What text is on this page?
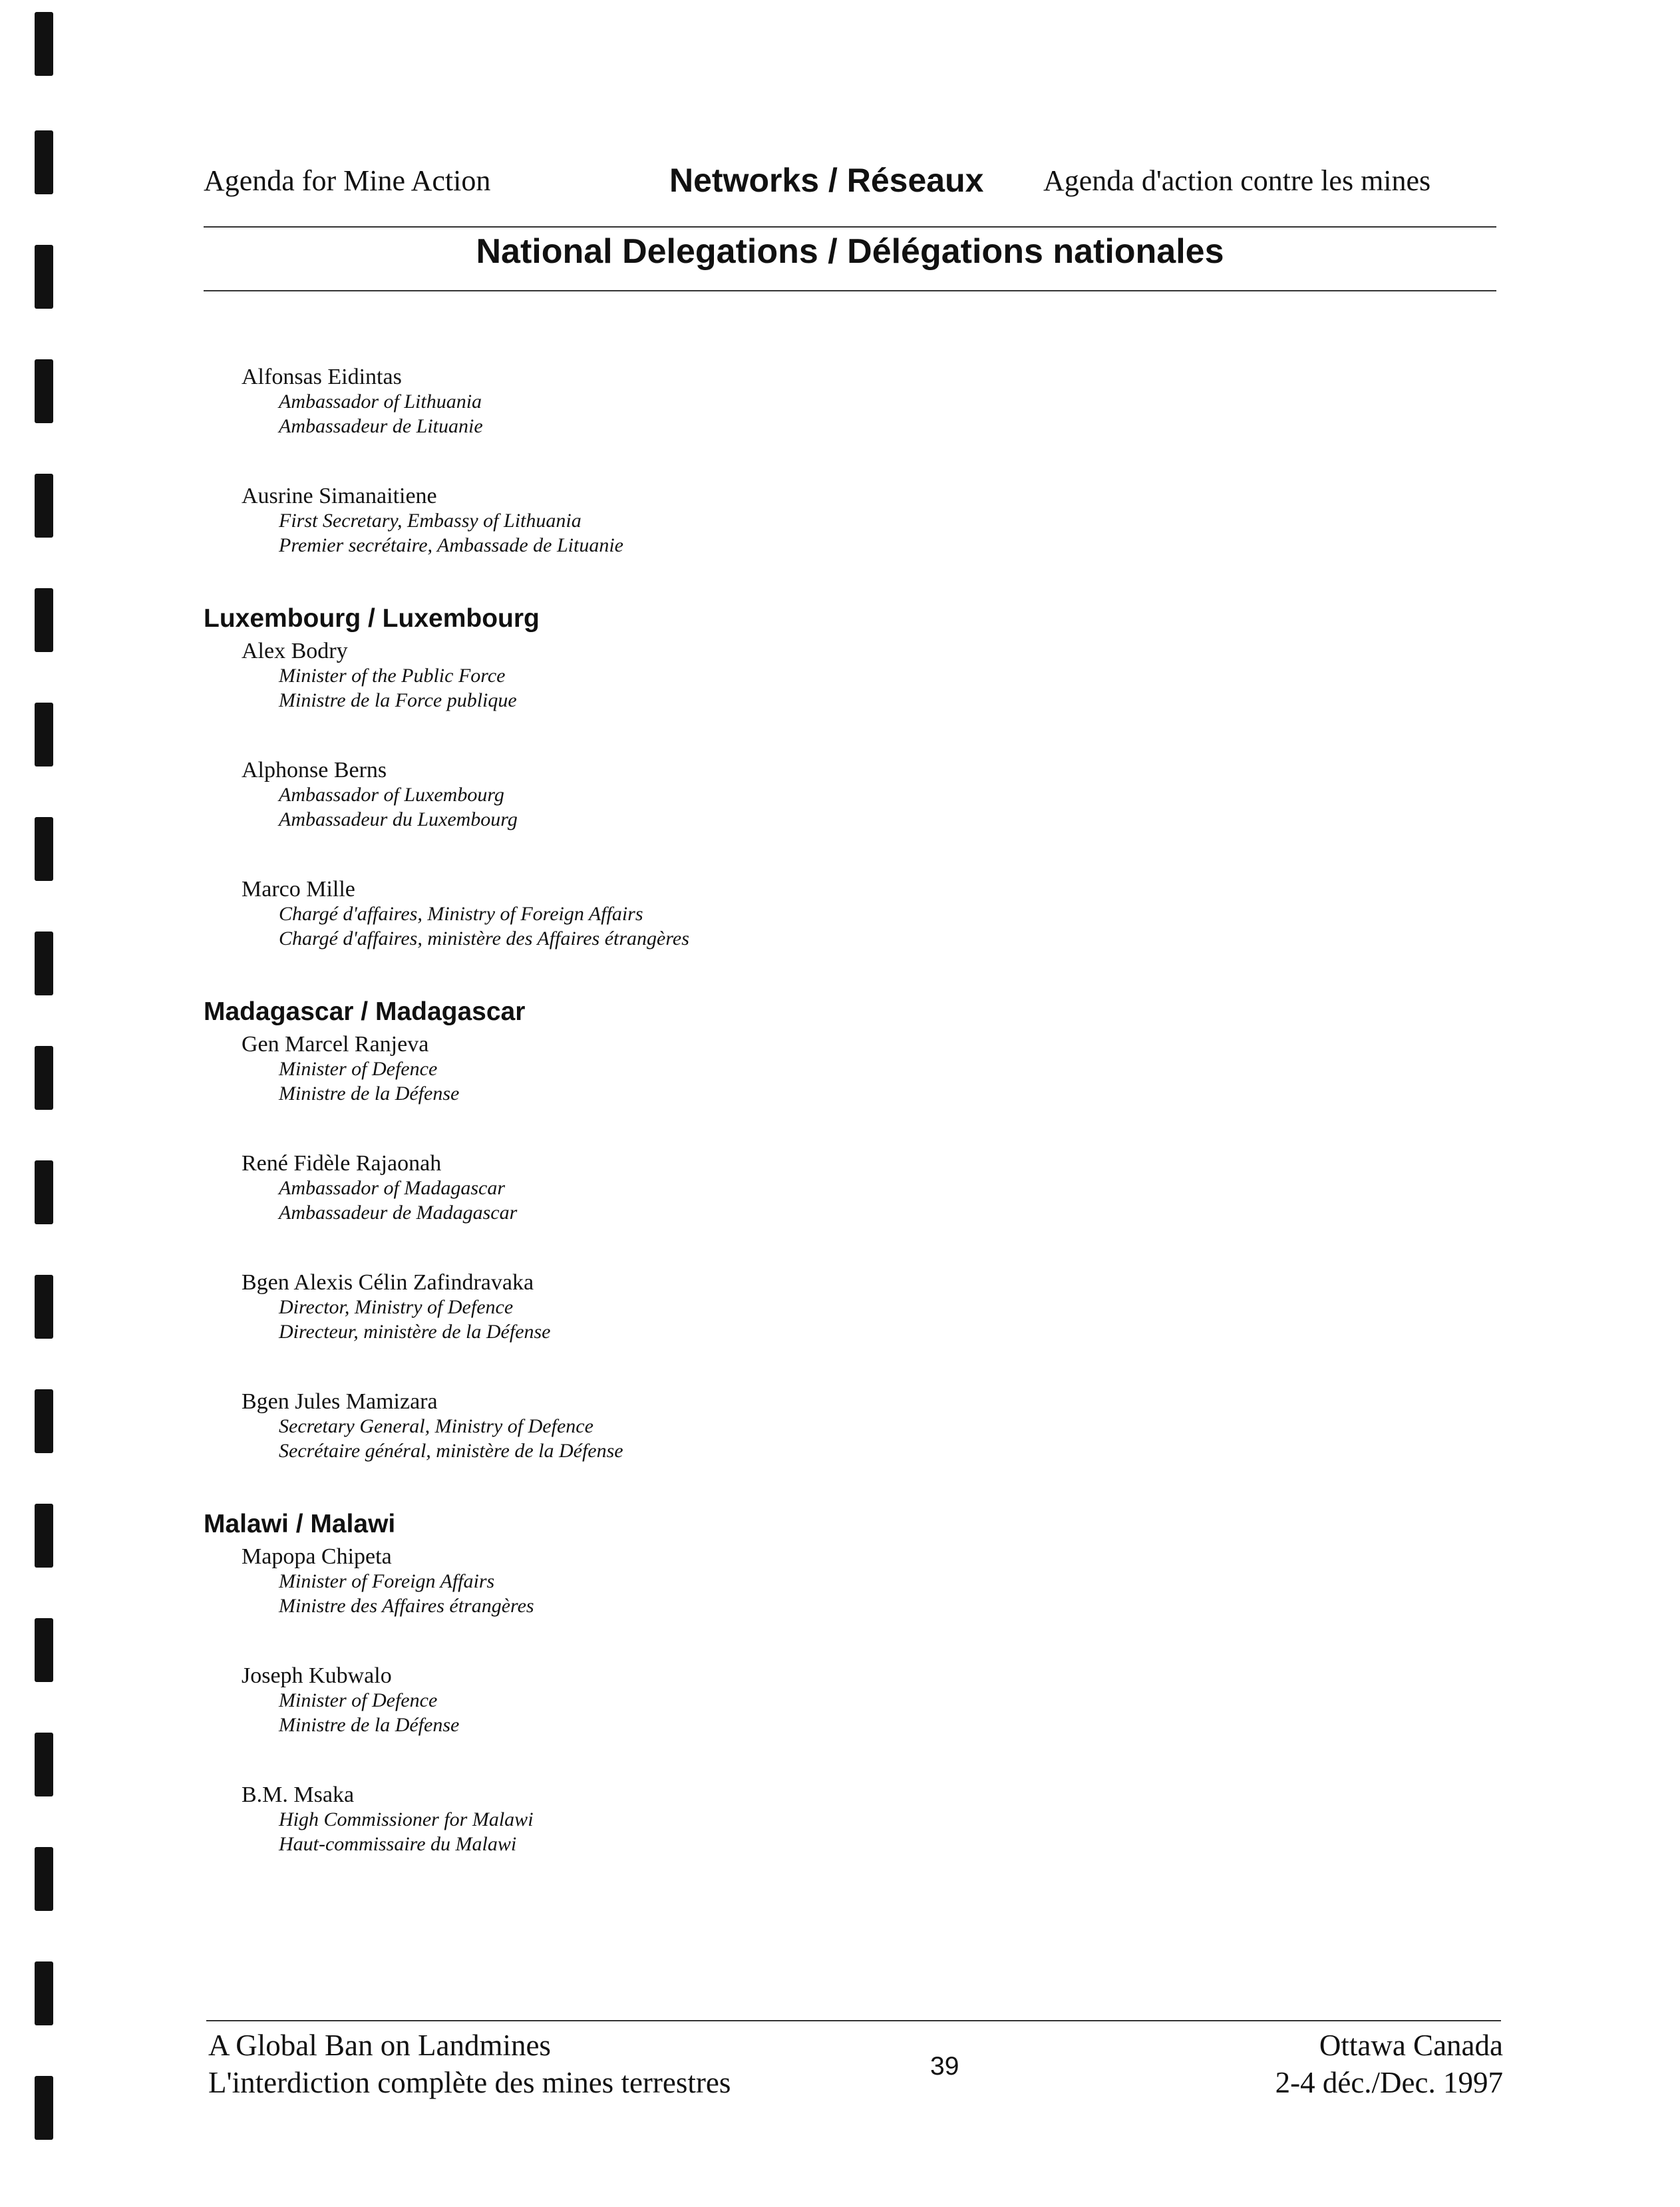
Agenda for Mine Action	Networks / Réseaux Agenda d'action contre les mines
National Delegations / Délégations nationales
Alfonsas Eidintas
Ambassador of Lithuania
Ambassadeur de Lituanie
Ausrine Simanaitiene
First Secretary, Embassy of Lithuania
Premier secrétaire, Ambassade de Lituanie
Luxembourg / Luxembourg
Alex Bodry
Minister of the Public Force
Ministre de la Force publique
Alphonse Berns
Ambassador of Luxembourg
Ambassadeur du Luxembourg
Marco Mille
Chargé d'affaires, Ministry of Foreign Affairs
Chargé d'affaires, ministère des Affaires étrangères
Madagascar / Madagascar
Gen Marcel Ranjeva
Minister of Defence
Ministre de la Défense
René Fidèle Rajaonah
Ambassador of Madagascar
Ambassadeur de Madagascar
Bgen Alexis Célin Zafindravaka
Director, Ministry of Defence
Directeur, ministère de la Défense
Bgen Jules Mamizara
Secretary General, Ministry of Defence
Secrétaire général, ministère de la Défense
Malawi / Malawi
Mapopa Chipeta
Minister of Foreign Affairs
Ministre des Affaires étrangères
Joseph Kubwalo
Minister of Defence
Ministre de la Défense
B.M. Msaka
High Commissioner for Malawi
Haut-commissaire du Malawi
A Global Ban on Landmines
L'interdiction complète des mines terrestres	39
Ottawa Canada
2-4 déc./Dec. 1997
